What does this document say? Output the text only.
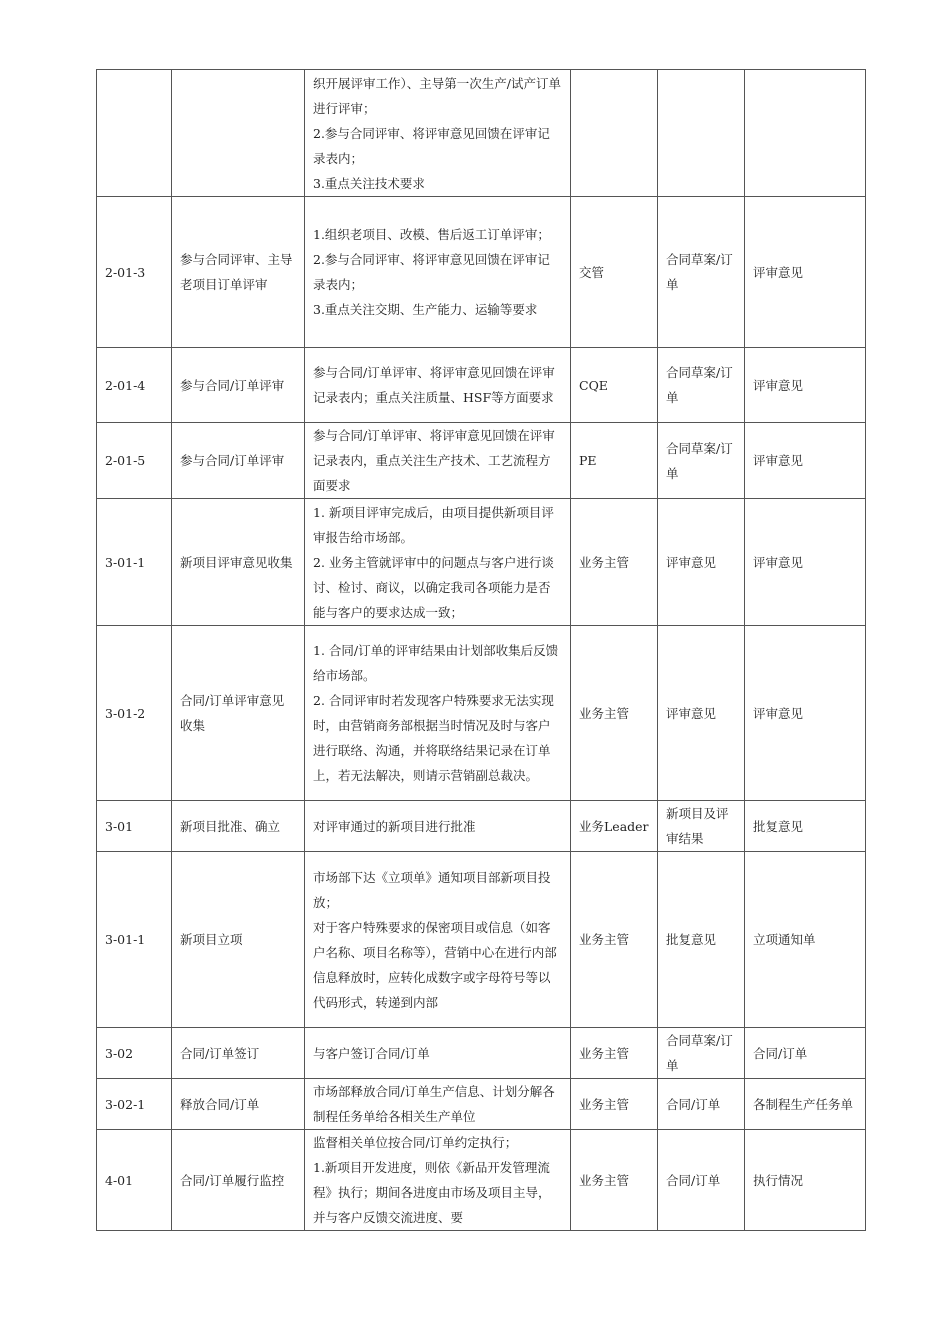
		织开展评审工作）、主导第一次生产/试产订单进行评审；
2.参与合同评审、将评审意见回馈在评审记录表内；
3.重点关注技术要求			

2-01-3	参与合同评审、主导老项目订单评审	1.组织老项目、改模、售后返工订单评审；
2.参与合同评审、将评审意见回馈在评审记录表内；
3.重点关注交期、生产能力、运输等要求	交管	合同草案/订单	评审意见
2-01-4	参与合同/订单评审	参与合同/订单评审、将评审意见回馈在评审记录表内；重点关注质量、HSF等方面要求	CQE	合同草案/订单	评审意见
2-01-5	参与合同/订单评审	参与合同/订单评审、将评审意见回馈在评审记录表内，重点关注生产技术、工艺流程方面要求	PE	合同草案/订单	评审意见
3-01-1	新项目评审意见收集	1. 新项目评审完成后，由项目提供新项目评审报告给市场部。
2. 业务主管就评审中的问题点与客户进行谈讨、检讨、商议，以确定我司各项能力是否能与客户的要求达成一致；	业务主管	评审意见	评审意见
3-01-2	合同/订单评审意见收集	1. 合同/订单的评审结果由计划部收集后反馈给市场部。
2. 合同评审时若发现客户特殊要求无法实现时，由营销商务部根据当时情况及时与客户进行联络、沟通，并将联络结果记录在订单上，若无法解决，则请示营销副总裁决。	业务主管	评审意见	评审意见
3-01	新项目批准、确立	对评审通过的新项目进行批准	业务Leader	新项目及评审结果	批复意见
3-01-1	新项目立项	市场部下达《立项单》通知项目部新项目投放；
对于客户特殊要求的保密项目或信息（如客户名称、项目名称等），营销中心在进行内部信息释放时，应转化成数字或字母符号等以代码形式，转递到内部	业务主管	批复意见	立项通知单
3-02	合同/订单签订	与客户签订合同/订单	业务主管	合同草案/订单	合同/订单
3-02-1	释放合同/订单	市场部释放合同/订单生产信息、计划分解各制程任务单给各相关生产单位	业务主管	合同/订单	各制程生产任务单
4-01	合同/订单履行监控	监督相关单位按合同/订单约定执行；
1.新项目开发进度，则依《新品开发管理流程》执行；期间各进度由市场及项目主导，并与客户反馈交流进度、要	业务主管	合同/订单	执行情况
